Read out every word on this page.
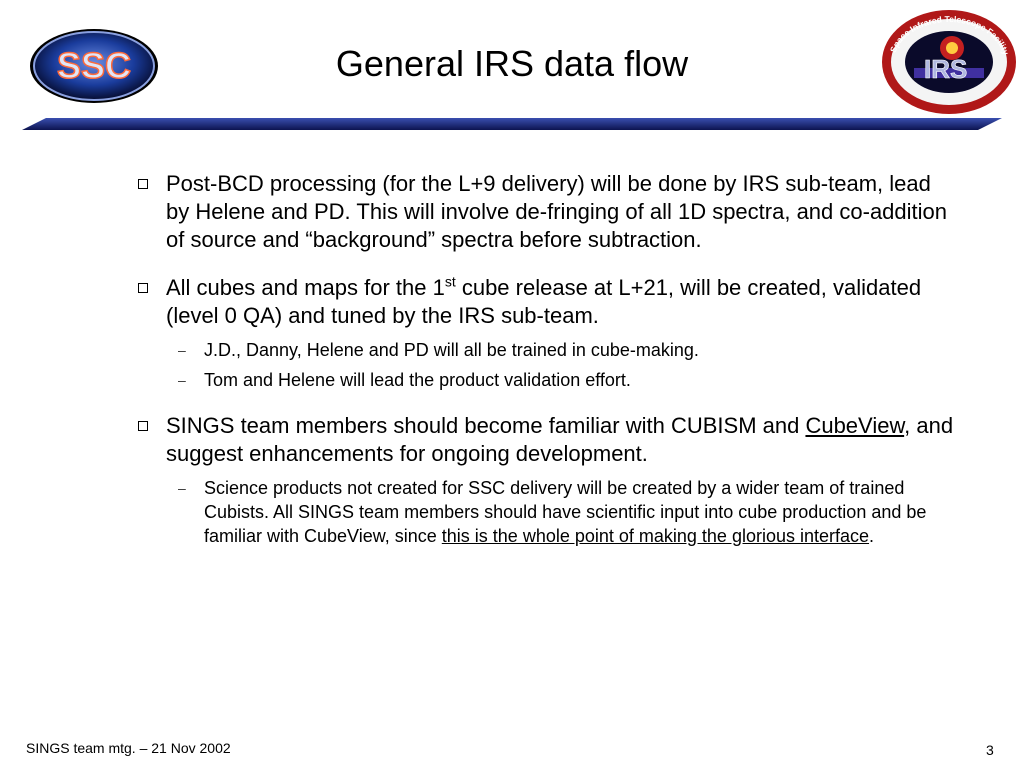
SSC	General IRS data flow	IRS
Space Infrared Telescope Facility
Post-BCD processing (for the L+9 delivery) will be done by IRS sub-team, lead by Helene and PD. This will involve de-fringing of all 1D spectra, and co-addition of source and “background” spectra before subtraction.
All cubes and maps for the 1st cube release at L+21, will be created, validated (level 0 QA) and tuned by the IRS sub-team.
– J.D., Danny, Helene and PD will all be trained in cube-making.
– Tom and Helene will lead the product validation effort.
SINGS team members should become familiar with CUBISM and CubeView, and suggest enhancements for ongoing development.
– Science products not created for SSC delivery will be created by a wider team of trained Cubists. All SINGS team members should have scientific input into cube production and be familiar with CubeView, since this is the whole point of making the glorious interface.
SINGS team mtg. – 21 Nov 2002	3
